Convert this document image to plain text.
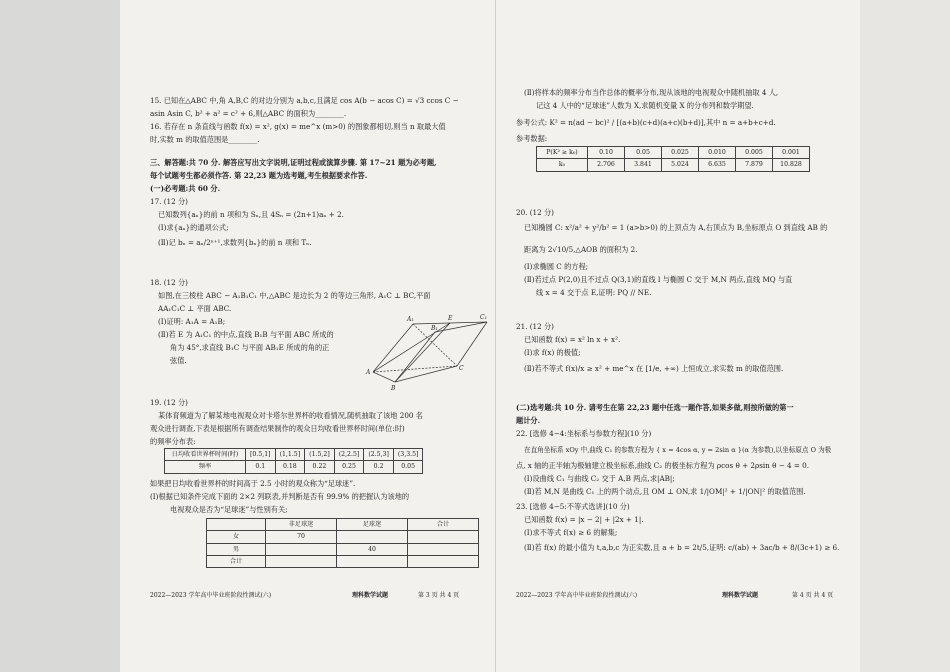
15. 已知在△ABC 中,角 A,B,C 的对边分别为 a,b,c,且满足 cos A(b − acos C) = √3 ccos C −
asin Asin C, b² + a² = c² + 6,则△ABC 的面积为________.
16. 若存在 n 条直线与函数 f(x) = x², g(x) = me^x (m>0) 的图象都相切,则当 n 取最大值
时,实数 m 的取值范围是________.
三、解答题:共 70 分. 解答应写出文字说明,证明过程或演算步骤. 第 17~21 题为必考题,
每个试题考生都必须作答. 第 22,23 题为选考题,考生根据要求作答.
(一)必考题:共 60 分.
17. (12 分)
已知数列{aₙ}的前 n 项和为 Sₙ,且 4Sₙ = (2n+1)aₙ + 2.
(Ⅰ)求{aₙ}的通项公式;
(Ⅱ)记 bₙ = aₙ/2ⁿ⁺¹,求数列{bₙ}的前 n 项和 Tₙ.
18. (12 分)
如图,在三棱柱 ABC − A₁B₁C₁ 中,△ABC 是边长为 2 的等边三角形, A₁C ⊥ BC,平面
AA₁C₁C ⊥ 平面 ABC.
(Ⅰ)证明: A₁A = A₁B;
(Ⅱ)若 E 为 A₁C₁ 的中点,直线 B₁B 与平面 ABC 所成的
角为 45°,求直线 B₁C 与平面 AB₁E 所成的角的正
弦值.
A
B
C
A₁
B₁
C₁
E
19. (12 分)
某体育频道为了解某地电视观众对卡塔尔世界杯的收看情况,随机抽取了该地 200 名
观众进行调查,下表是根据所有调查结果制作的观众日均收看世界杯时间(单位:时)
的频率分布表:
日均收看世界杯时间(时)	[0.5,1]	(1,1.5]	(1.5,2]	(2,2.5]	(2.5,3]	(3,3.5]
频率	0.1	0.18	0.22	0.25	0.2	0.05
如果把日均收看世界杯的时间高于 2.5 小时的观众称为“足球迷”.
(Ⅰ)根据已知条件完成下面的 2×2 列联表,并判断是否有 99.9% 的把握认为该地的
电视观众是否为“足球迷”与性别有关;
	非足球迷	足球迷	合计
女	70		
男		40	
合计			
2022—2023 学年高中毕业班阶段性测试(六)	理科数学试题	第 3 页 共 4 页
(Ⅱ)将样本的频率分布当作总体的概率分布,现从该地的电视观众中随机抽取 4 人,
记这 4 人中的“足球迷”人数为 X,求随机变量 X 的分布列和数学期望.
参考公式: K² = n(ad − bc)² / [(a+b)(c+d)(a+c)(b+d)],其中 n = a+b+c+d.
参考数据:
P(K² ≥ k₀)	0.10	0.05	0.025	0.010	0.005	0.001
k₀	2.706	3.841	5.024	6.635	7.879	10.828
20. (12 分)
已知椭圆 C: x²/a² + y²/b² = 1 (a>b>0) 的上顶点为 A,右顶点为 B,坐标原点 O 到直线 AB 的
距离为 2√10/5,△AOB 的面积为 2.
(Ⅰ)求椭圆 C 的方程;
(Ⅱ)若过点 P(2,0)且不过点 Q(3,1)的直线 l 与椭圆 C 交于 M,N 两点,直线 MQ 与直
线 x = 4 交于点 E,证明: PQ // NE.
21. (12 分)
已知函数 f(x) = x² ln x + x².
(Ⅰ)求 f(x) 的极值;
(Ⅱ)若不等式 f(x)/x ≥ x² + me^x 在 [1/e, +∞) 上恒成立,求实数 m 的取值范围.
(二)选考题:共 10 分. 请考生在第 22,23 题中任选一题作答,如果多做,则按所做的第一
题计分.
22. [选修 4−4:坐标系与参数方程](10 分)
在直角坐标系 xOy 中,曲线 C₁ 的参数方程为 { x = 4cos α, y = 2sin α }(α 为参数),以坐标原点 O 为极
点, x 轴的正半轴为极轴建立极坐标系,曲线 C₂ 的极坐标方程为 ρcos θ + 2ρsin θ − 4 = 0.
(Ⅰ)设曲线 C₁ 与曲线 C₂ 交于 A,B 两点,求|AB|;
(Ⅱ)若 M,N 是曲线 C₁ 上的两个动点,且 OM ⊥ ON,求 1/|OM|² + 1/|ON|² 的取值范围.
23. [选修 4−5:不等式选讲](10 分)
已知函数 f(x) = |x − 2| + |2x + 1|.
(Ⅰ)求不等式 f(x) ≥ 6 的解集;
(Ⅱ)若 f(x) 的最小值为 t,a,b,c 为正实数,且 a + b = 2t/5,证明: c/(ab) + 3ac/b + 8/(3c+1) ≥ 6.
2022—2023 学年高中毕业班阶段性测试(六)	理科数学试题	第 4 页 共 4 页
